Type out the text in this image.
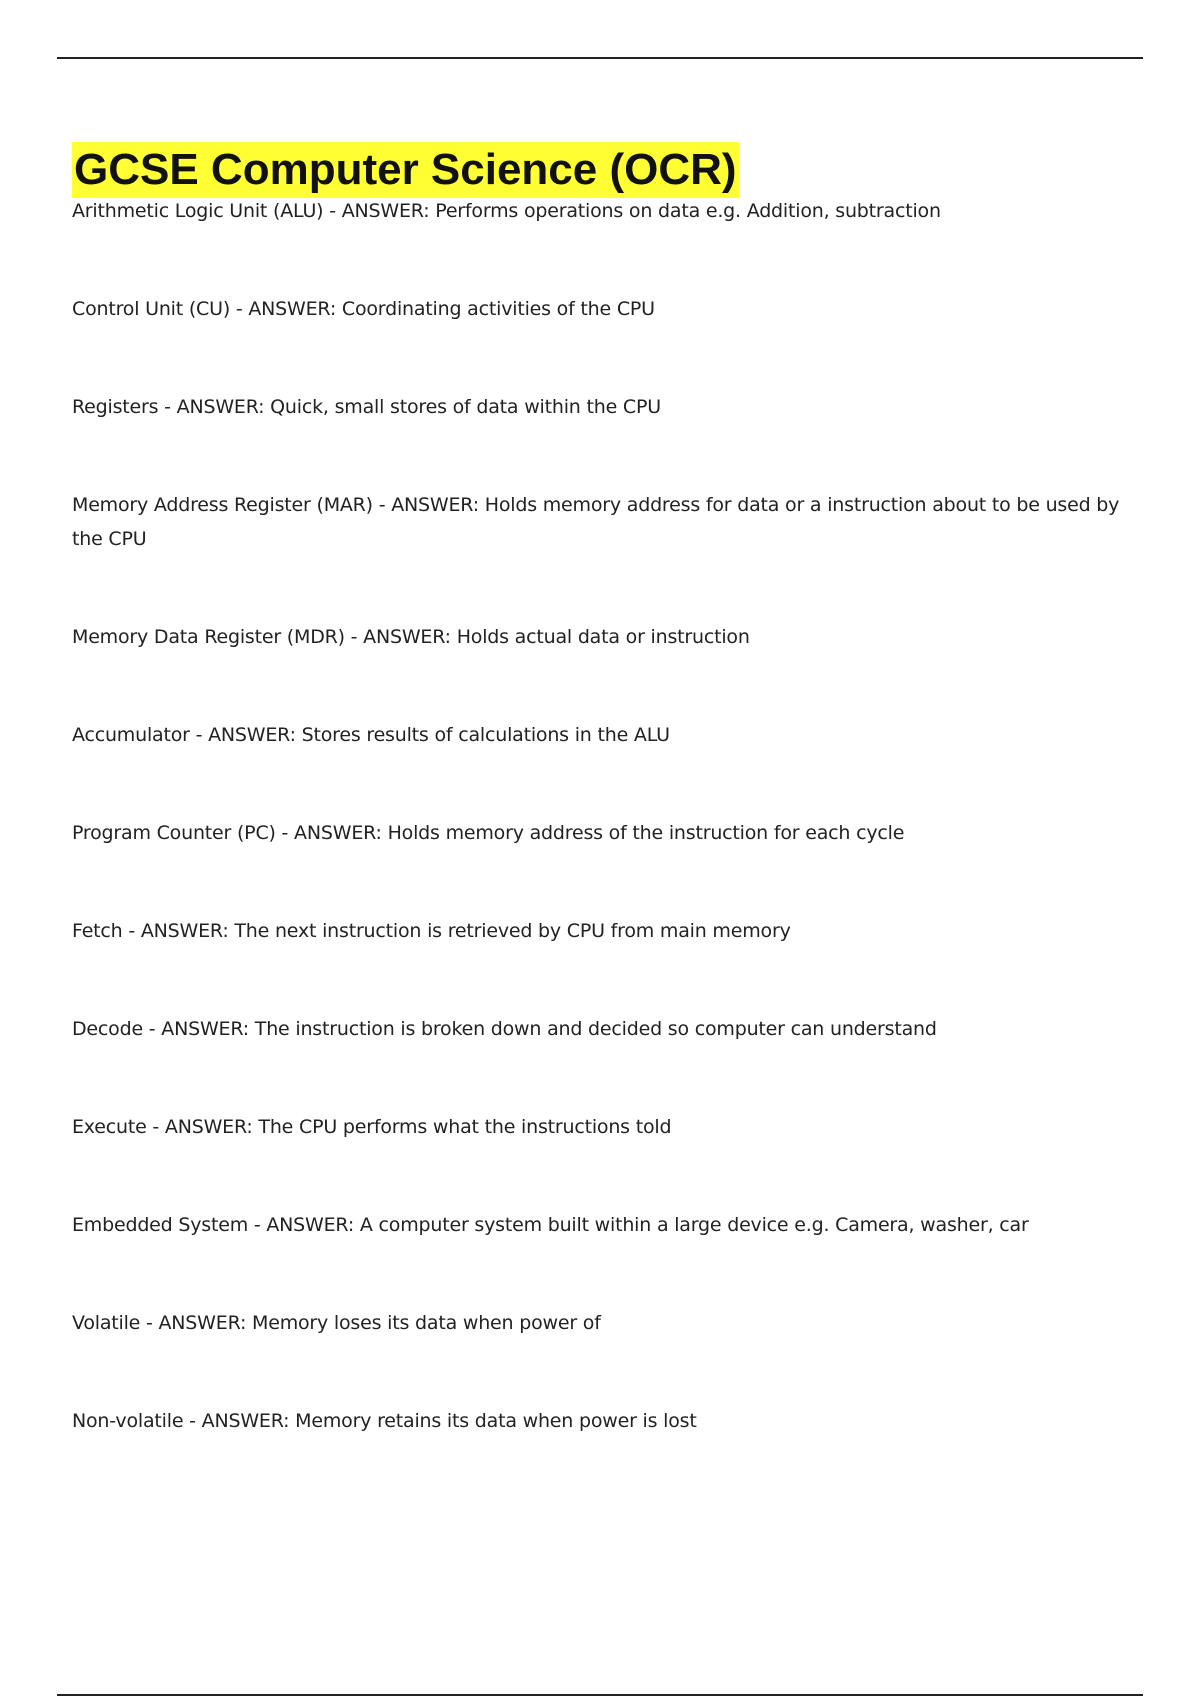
GCSE Computer Science (OCR)
Arithmetic Logic Unit (ALU) - ANSWER: Performs operations on data e.g. Addition, subtraction
Control Unit (CU) - ANSWER: Coordinating activities of the CPU
Registers - ANSWER: Quick, small stores of data within the CPU
Memory Address Register (MAR) - ANSWER: Holds memory address for data or a instruction about to be used by the CPU
Memory Data Register (MDR) - ANSWER: Holds actual data or instruction
Accumulator - ANSWER: Stores results of calculations in the ALU
Program Counter (PC) - ANSWER: Holds memory address of the instruction for each cycle
Fetch - ANSWER: The next instruction is retrieved by CPU from main memory
Decode - ANSWER: The instruction is broken down and decided so computer can understand
Execute - ANSWER: The CPU performs what the instructions told
Embedded System - ANSWER: A computer system built within a large device e.g. Camera, washer, car
Volatile - ANSWER: Memory loses its data when power of
Non-volatile - ANSWER: Memory retains its data when power is lost
